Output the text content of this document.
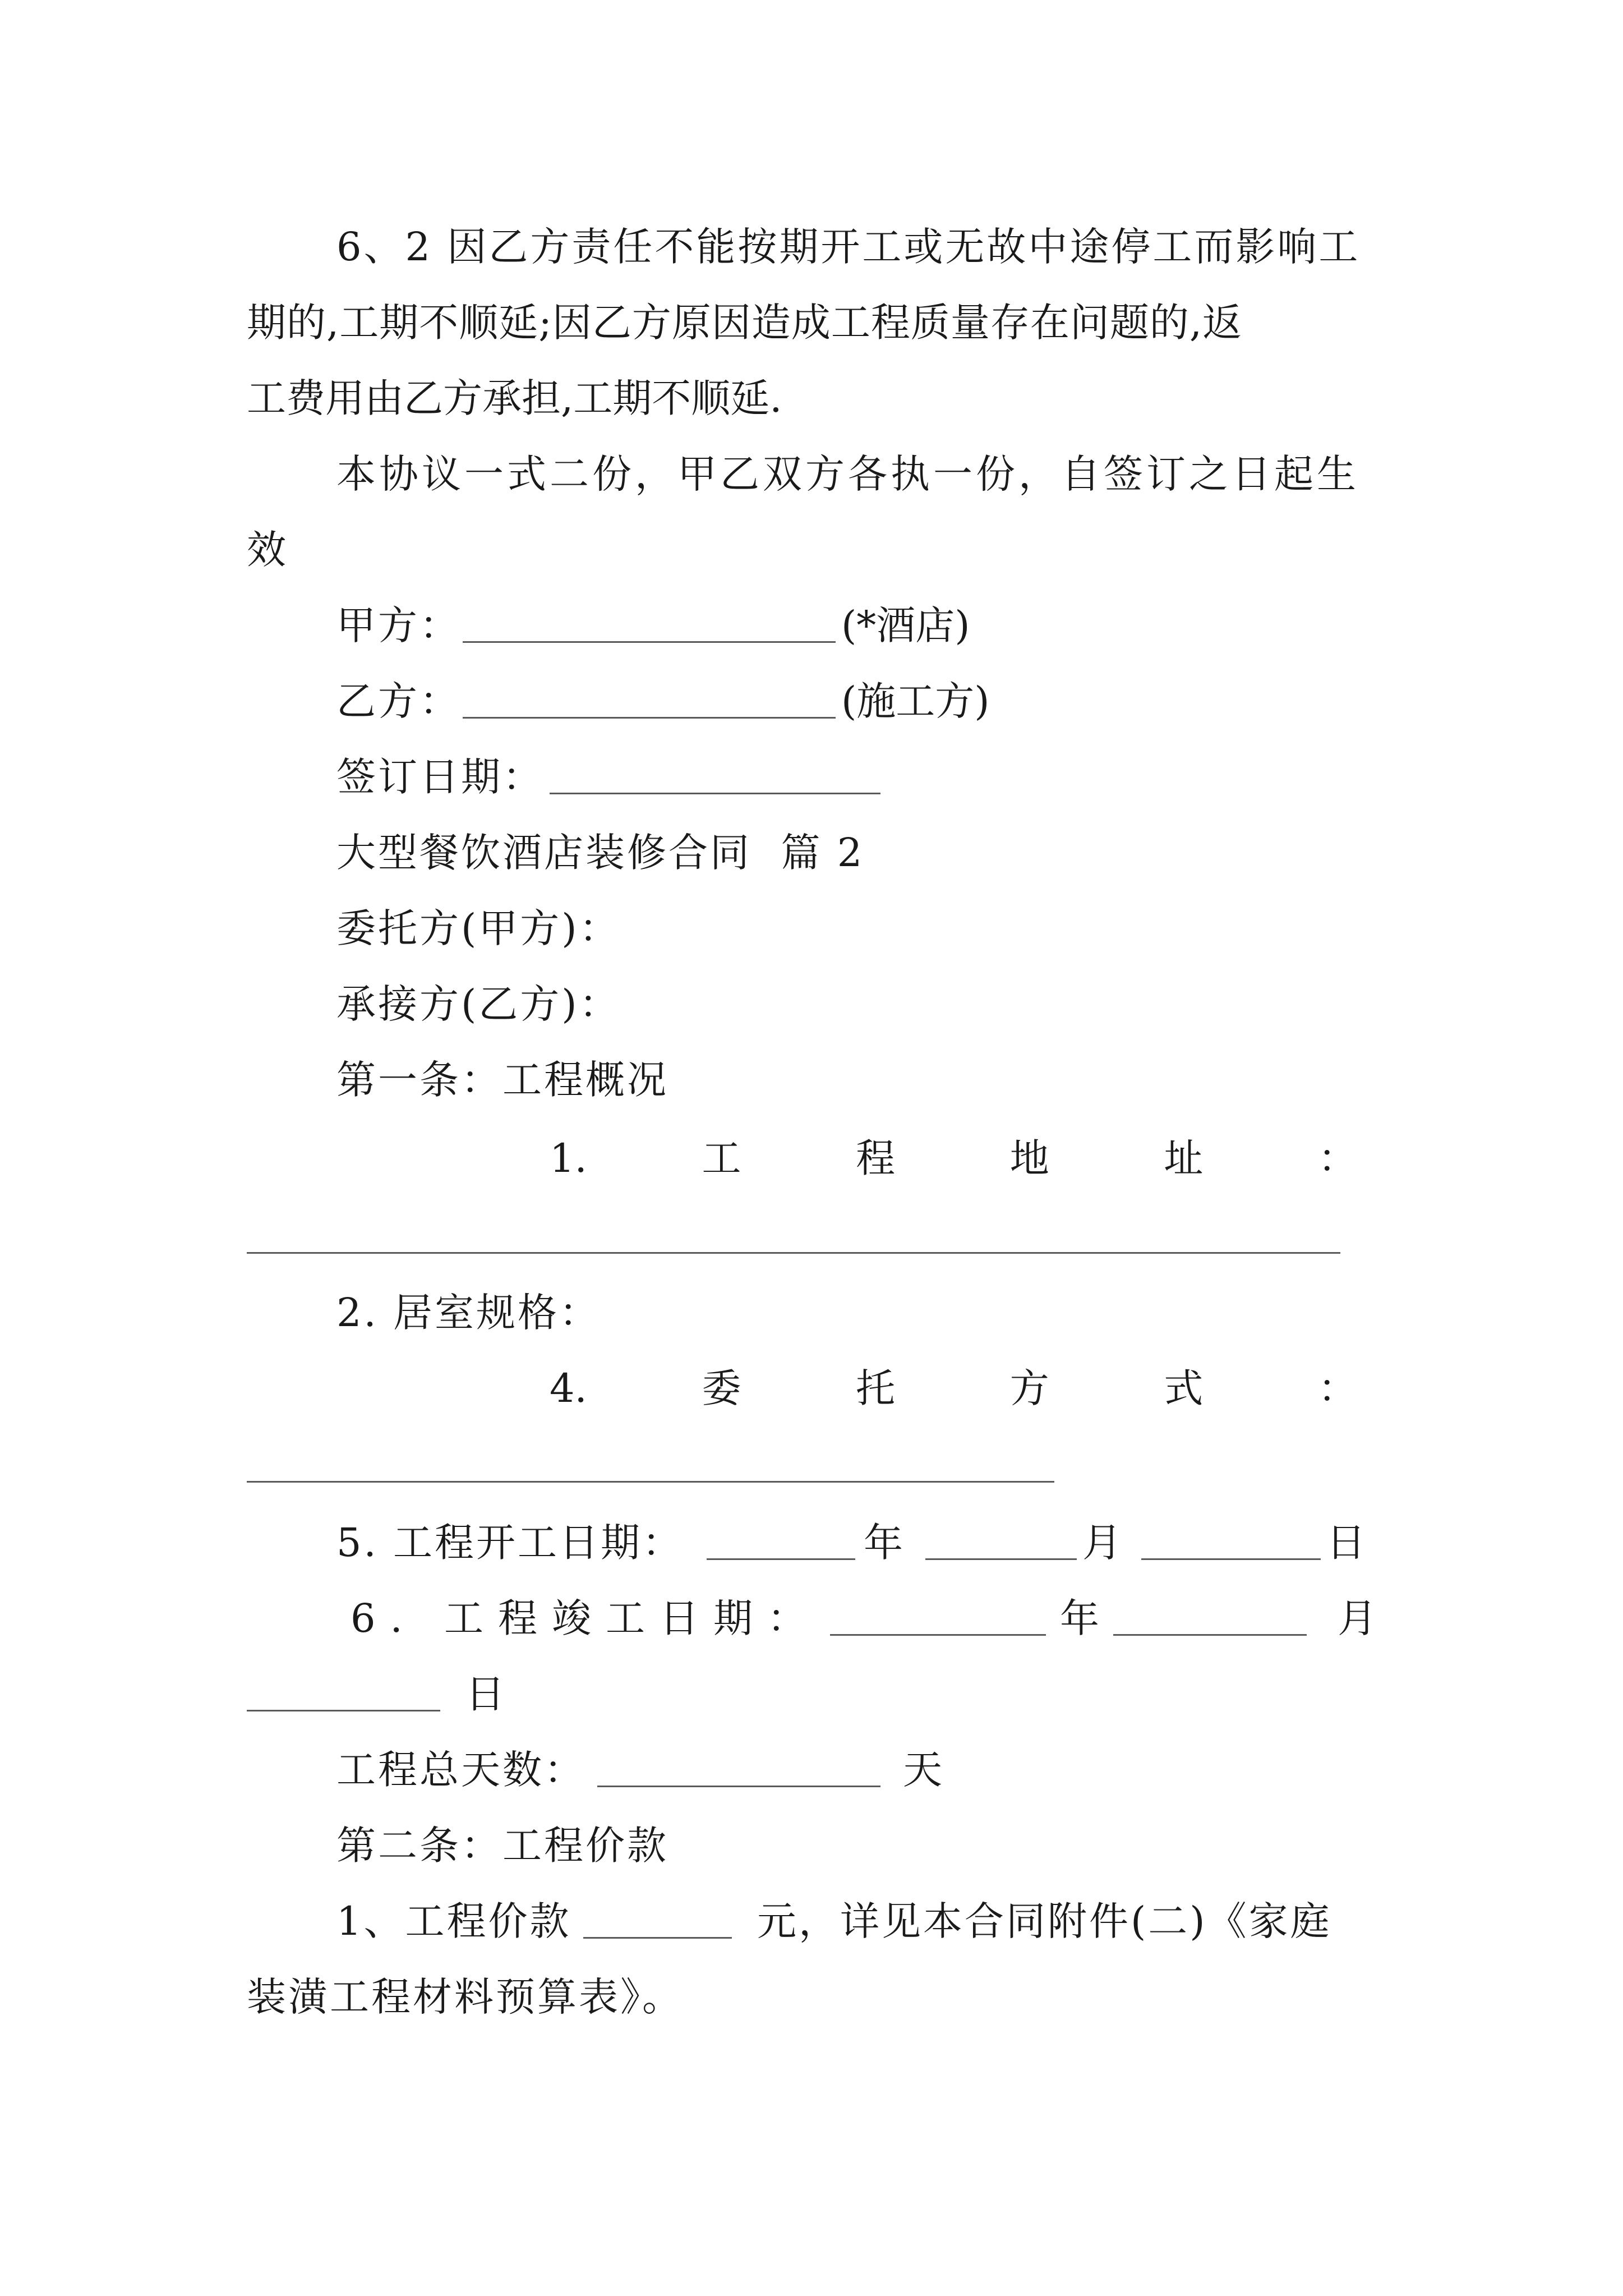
6、2 因乙方责任不能按期开工或无故中途停工而影响工
期的,工期不顺延;因乙方原因造成工程质量存在问题的,返
工费用由乙方承担,工期不顺延.
本协议一式二份，甲乙双方各执一份，自签订之日起生
效
甲方：	(*酒店)
乙方：	(施工方)
签订日期：
大型餐饮酒店装修合同  篇 2
委托方(甲方)：
承接方(乙方)：
第一条：工程概况
1.	工	程	地	址	：
2. 居室规格：
4.	委	托	方	式	：
5. 工程开工日期：	年	月	日
6. 工程竣工日期：	年	月
日
工程总天数：	天
第二条：工程价款
1、工程价款	元，详见本合同附件(二)《家庭
装潢工程材料预算表》。
